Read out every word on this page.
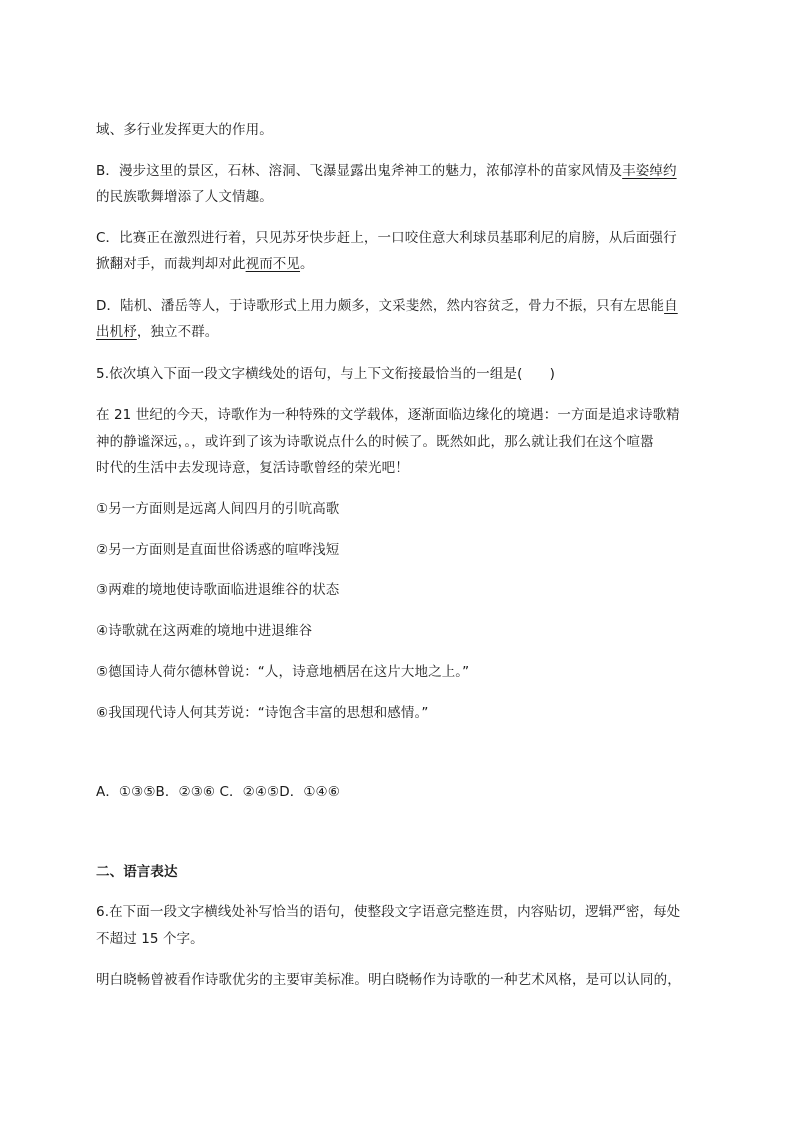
域、多行业发挥更大的作用。
B．漫步这里的景区，石林、溶洞、飞瀑显露出鬼斧神工的魅力，浓郁淳朴的苗家风情及丰姿绰约
的民族歌舞增添了人文情趣。
C．比赛正在激烈进行着，只见苏牙快步赶上，一口咬住意大利球员基耶利尼的肩膀，从后面强行
掀翻对手，而裁判却对此视而不见。
D．陆机、潘岳等人，于诗歌形式上用力颇多，文采斐然，然内容贫乏，骨力不振，只有左思能自
出机杼，独立不群。
5.依次填入下面一段文字横线处的语句，与上下文衔接最恰当的一组是(　　)
在 21 世纪的今天，诗歌作为一种特殊的文学载体，逐渐面临边缘化的境遇：一方面是追求诗歌精
神的静谧深远，。，或许到了该为诗歌说点什么的时候了。既然如此，那么就让我们在这个喧嚣
时代的生活中去发现诗意，复活诗歌曾经的荣光吧！
①另一方面则是远离人间四月的引吭高歌
②另一方面则是直面世俗诱惑的喧哗浅短
③两难的境地使诗歌面临进退维谷的状态
④诗歌就在这两难的境地中进退维谷
⑤德国诗人荷尔德林曾说：“人，诗意地栖居在这片大地之上。”
⑥我国现代诗人何其芳说：“诗饱含丰富的思想和感情。”
A．①③⑤B．②③⑥ C．②④⑤D．①④⑥
二、语言表达
6.在下面一段文字横线处补写恰当的语句，使整段文字语意完整连贯，内容贴切，逻辑严密，每处
不超过 15 个字。
明白晓畅曾被看作诗歌优劣的主要审美标准。明白晓畅作为诗歌的一种艺术风格，是可以认同的，
